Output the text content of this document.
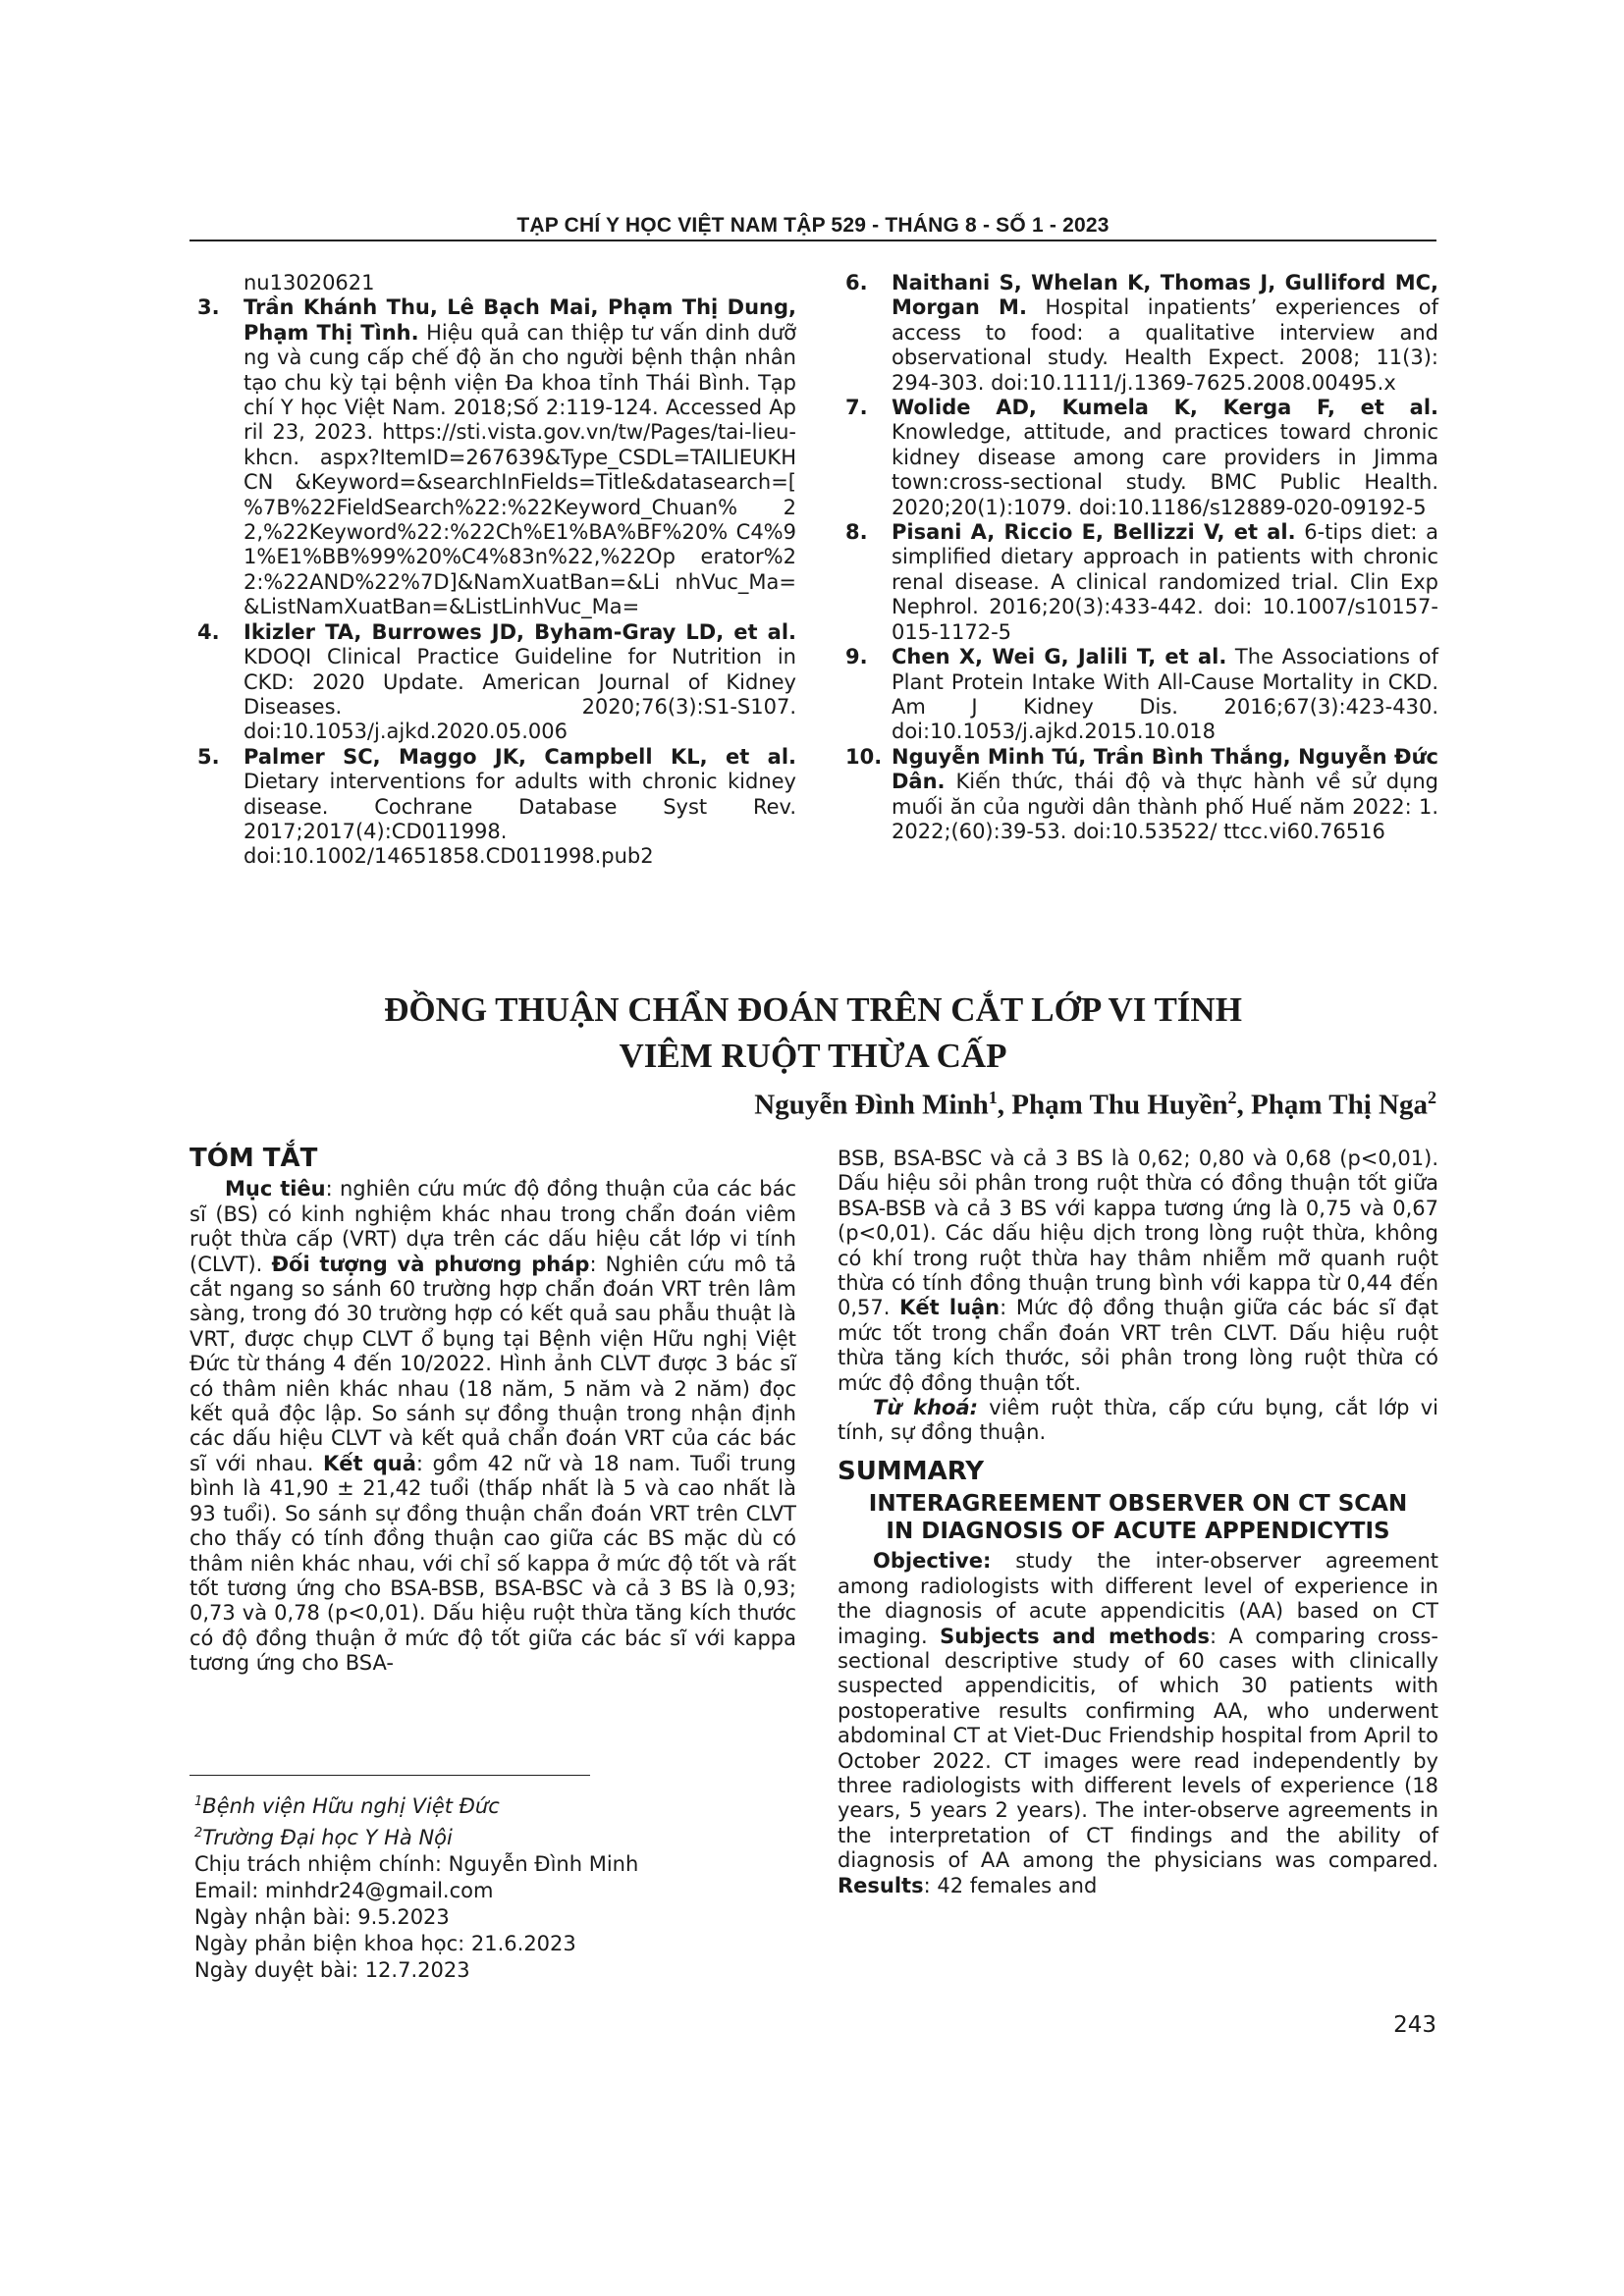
TẠP CHÍ Y HỌC VIỆT NAM TẬP 529 - THÁNG 8 - SỐ 1 - 2023
nu13020621
3. Trần Khánh Thu, Lê Bạch Mai, Phạm Thị Dung, Phạm Thị Tình. Hiệu quả can thiệp tư vấn dinh dưỡng và cung cấp chế độ ăn cho người bệnh thận nhân tạo chu kỳ tại bệnh viện Đa khoa tỉnh Thái Bình. Tạp chí Y học Việt Nam. 2018;Số 2:119-124. Accessed April 23, 2023. https://sti.vista.gov.vn/tw/Pages/tai-lieu-khcn. aspx?ItemID=267639&Type_CSDL=TAILIEUKHCN &Keyword=&searchInFields=Title&datasearch=[ %7B%22FieldSearch%22:%22Keyword_Chuan% 22,%22Keyword%22:%22Ch%E1%BA%BF%20% C4%91%E1%BB%99%20%C4%83n%22,%22Op erator%22:%22AND%22%7D]&NamXuatBan=&Li nhVuc_Ma=&ListNamXuatBan=&ListLinhVuc_Ma=
4. Ikizler TA, Burrowes JD, Byham-Gray LD, et al. KDOQI Clinical Practice Guideline for Nutrition in CKD: 2020 Update. American Journal of Kidney Diseases. 2020;76(3):S1-S107. doi:10.1053/j.ajkd.2020.05.006
5. Palmer SC, Maggo JK, Campbell KL, et al. Dietary interventions for adults with chronic kidney disease. Cochrane Database Syst Rev. 2017;2017(4):CD011998. doi:10.1002/14651858.CD011998.pub2
6. Naithani S, Whelan K, Thomas J, Gulliford MC, Morgan M. Hospital inpatients’ experiences of access to food: a qualitative interview and observational study. Health Expect. 2008; 11(3): 294-303. doi:10.1111/j.1369-7625.2008.00495.x
7. Wolide AD, Kumela K, Kerga F, et al. Knowledge, attitude, and practices toward chronic kidney disease among care providers in Jimma town:cross-sectional study. BMC Public Health. 2020;20(1):1079. doi:10.1186/s12889-020-09192-5
8. Pisani A, Riccio E, Bellizzi V, et al. 6-tips diet: a simplified dietary approach in patients with chronic renal disease. A clinical randomized trial. Clin Exp Nephrol. 2016;20(3):433-442. doi: 10.1007/s10157-015-1172-5
9. Chen X, Wei G, Jalili T, et al. The Associations of Plant Protein Intake With All-Cause Mortality in CKD. Am J Kidney Dis. 2016;67(3):423-430. doi:10.1053/j.ajkd.2015.10.018
10. Nguyễn Minh Tú, Trần Bình Thắng, Nguyễn Đức Dân. Kiến thức, thái độ và thực hành về sử dụng muối ăn của người dân thành phố Huế năm 2022: 1. 2022;(60):39-53. doi:10.53522/ ttcc.vi60.76516
ĐỒNG THUẬN CHẨN ĐOÁN TRÊN CẮT LỚP VI TÍNH
VIÊM RUỘT THỪA CẤP
Nguyễn Đình Minh$^1$, Phạm Thu Huyền$^2$, Phạm Thị Nga$^2$
TÓM TẮT

Mục tiêu: nghiên cứu mức độ đồng thuận của các bác sĩ (BS) có kinh nghiệm khác nhau trong chẩn đoán viêm ruột thừa cấp (VRT) dựa trên các dấu hiệu cắt lớp vi tính (CLVT). Đối tượng và phương pháp: Nghiên cứu mô tả cắt ngang so sánh 60 trường hợp chẩn đoán VRT trên lâm sàng, trong đó 30 trường hợp có kết quả sau phẫu thuật là VRT, được chụp CLVT ổ bụng tại Bệnh viện Hữu nghị Việt Đức từ tháng 4 đến 10/2022. Hình ảnh CLVT được 3 bác sĩ có thâm niên khác nhau (18 năm, 5 năm và 2 năm) đọc kết quả độc lập. So sánh sự đồng thuận trong nhận định các dấu hiệu CLVT và kết quả chẩn đoán VRT của các bác sĩ với nhau. Kết quả: gồm 42 nữ và 18 nam. Tuổi trung bình là 41,90 ± 21,42 tuổi (thấp nhất là 5 và cao nhất là 93 tuổi). So sánh sự đồng thuận chẩn đoán VRT trên CLVT cho thấy có tính đồng thuận cao giữa các BS mặc dù có thâm niên khác nhau, với chỉ số kappa ở mức độ tốt và rất tốt tương ứng cho BSA-BSB, BSA-BSC và cả 3 BS là 0,93; 0,73 và 0,78 (p<0,01). Dấu hiệu ruột thừa tăng kích thước có độ đồng thuận ở mức độ tốt giữa các bác sĩ với kappa tương ứng cho BSA-

BSB, BSA-BSC và cả 3 BS là 0,62; 0,80 và 0,68 (p<0,01). Dấu hiệu sỏi phân trong ruột thừa có đồng thuận tốt giữa BSA-BSB và cả 3 BS với kappa tương ứng là 0,75 và 0,67 (p<0,01). Các dấu hiệu dịch trong lòng ruột thừa, không có khí trong ruột thừa hay thâm nhiễm mỡ quanh ruột thừa có tính đồng thuận trung bình với kappa từ 0,44 đến 0,57. Kết luận: Mức độ đồng thuận giữa các bác sĩ đạt mức tốt trong chẩn đoán VRT trên CLVT. Dấu hiệu ruột thừa tăng kích thước, sỏi phân trong lòng ruột thừa có mức độ đồng thuận tốt.

Từ khoá: viêm ruột thừa, cấp cứu bụng, cắt lớp vi tính, sự đồng thuận.

SUMMARY
INTERAGREEMENT OBSERVER ON CT SCAN
IN DIAGNOSIS OF ACUTE APPENDICYTIS

Objective: study the inter-observer agreement among radiologists with different level of experience in the diagnosis of acute appendicitis (AA) based on CT imaging. Subjects and methods: A comparing cross-sectional descriptive study of 60 cases with clinically suspected appendicitis, of which 30 patients with postoperative results confirming AA, who underwent abdominal CT at Viet-Duc Friendship hospital from April to October 2022. CT images were read independently by three radiologists with different levels of experience (18 years, 5 years 2 years). The inter-observe agreements in the interpretation of CT findings and the ability of diagnosis of AA among the physicians was compared. Results: 42 females and

$^1$Bệnh viện Hữu nghị Việt Đức
$^2$Trường Đại học Y Hà Nội
Chịu trách nhiệm chính: Nguyễn Đình Minh
Email: minhdr24@gmail.com
Ngày nhận bài: 9.5.2023
Ngày phản biện khoa học: 21.6.2023
Ngày duyệt bài: 12.7.2023
243
